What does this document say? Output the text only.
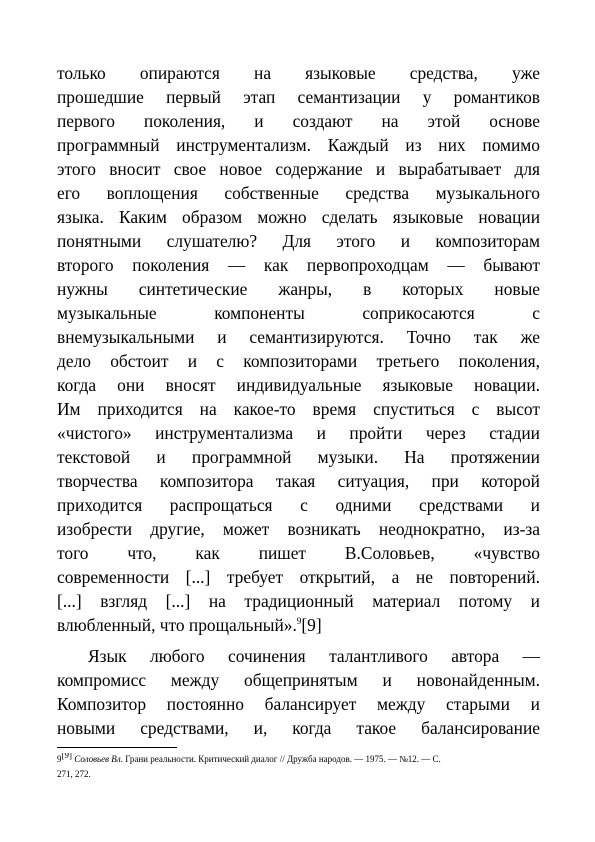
только опираются на языковые средства, уже
прошедшие первый этап семантизации у романтиков
первого поколения, и создают на этой основе
программный инструментализм. Каждый из них помимо
этого вносит свое новое содержание и вырабатывает для
его воплощения собственные средства музыкального
языка. Каким образом можно сделать языковые новации
понятными слушателю? Для этого и композиторам
второго поколения — как первопроходцам — бывают
нужны синтетические жанры, в которых новые
музыкальные компоненты соприкосаются с
внемузыкальными и семантизируются. Точно так же
дело обстоит и с композиторами третьего поколения,
когда они вносят индивидуальные языковые новации.
Им приходится на какое-то время спуститься с высот
«чистого» инструментализма и пройти через стадии
текстовой и программной музыки. На протяжении
творчества композитора такая ситуация, при которой
приходится распрощаться с одними средствами и
изобрести другие, может возникать неоднократно, из-за
того что, как пишет В.Соловьев, «чувство
современности [...] требует открытий, а не повторений.
[...] взгляд [...] на традиционный материал потому и
влюбленный, что прощальный».$^9$[9]
Язык любого сочинения талантливого автора —
компромисс между общепринятым и новонайденным.
Композитор постоянно балансирует между старыми и
новыми средствами, и, когда такое балансирование
9[9] Соловьев Вл. Грани реальности. Критический диалог // Дружба народов. — 1975. — №12. — С.
271, 272.
